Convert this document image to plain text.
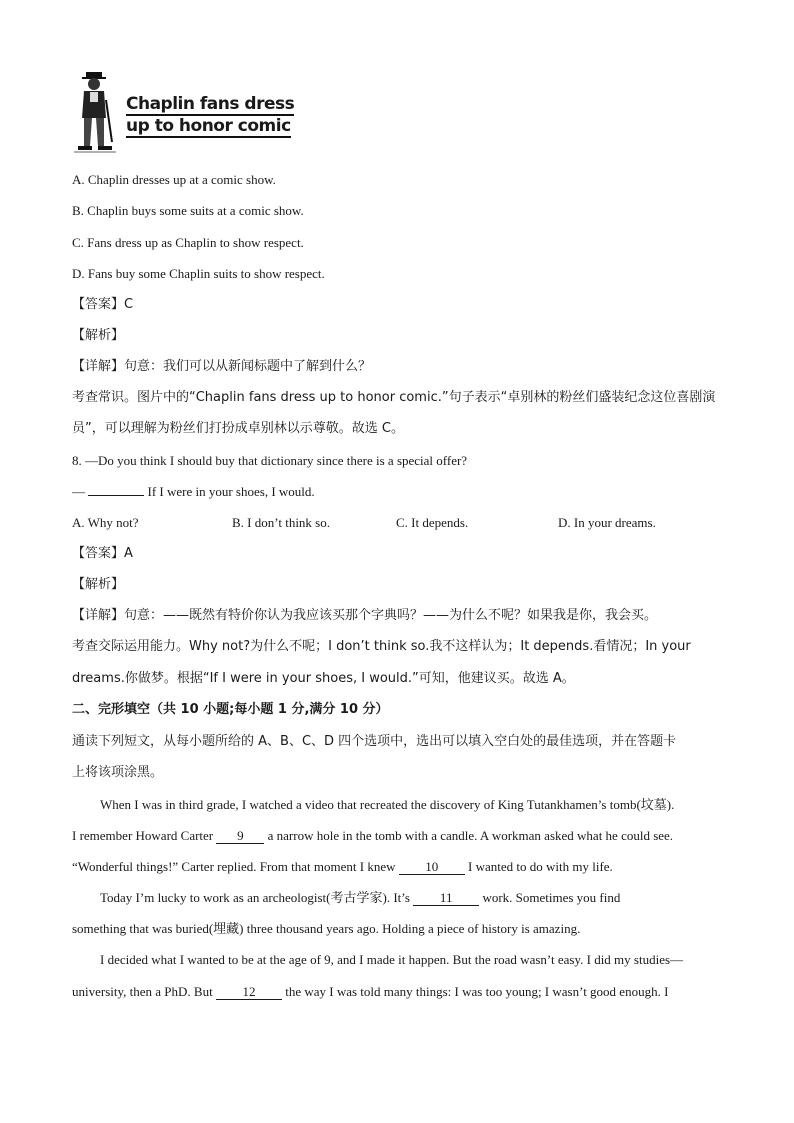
Chaplin fans dress
up to honor comic
A. Chaplin dresses up at a comic show.
B. Chaplin buys some suits at a comic show.
C. Fans dress up as Chaplin to show respect.
D. Fans buy some Chaplin suits to show respect.
【答案】C
【解析】
【详解】句意：我们可以从新闻标题中了解到什么？
考查常识。图片中的“Chaplin fans dress up to honor comic.”句子表示“卓别林的粉丝们盛装纪念这位喜剧演
员”，可以理解为粉丝们打扮成卓别林以示尊敬。故选 C。
8. —Do you think I should buy that dictionary since there is a special offer?
—	If I were in your shoes, I would.
A. Why not?	B. I don’t think so.	C. It depends.	D. In your dreams.
【答案】A
【解析】
【详解】句意：——既然有特价你认为我应该买那个字典吗？——为什么不呢？如果我是你，我会买。
考查交际运用能力。Why not?为什么不呢；I don’t think so.我不这样认为；It depends.看情况；In your
dreams.你做梦。根据“If I were in your shoes, I would.”可知，他建议买。故选 A。
二、完形填空（共 10 小题;每小题 1 分,满分 10 分）
通读下列短文，从每小题所给的 A、B、C、D 四个选项中，选出可以填入空白处的最佳选项，并在答题卡
上将该项涂黑。
When I was in third grade, I watched a video that recreated the discovery of King Tutankhamen’s tomb(坟墓).
I remember Howard Carter 9 a narrow hole in the tomb with a candle. A workman asked what he could see.
“Wonderful things!” Carter replied. From that moment I knew 10 I wanted to do with my life.
Today I’m lucky to work as an archeologist(考古学家). It’s 11 work. Sometimes you find
something that was buried(埋藏) three thousand years ago. Holding a piece of history is amazing.
I decided what I wanted to be at the age of 9, and I made it happen. But the road wasn’t easy. I did my studies—
university, then a PhD. But 12 the way I was told many things: I was too young; I wasn’t good enough. I
